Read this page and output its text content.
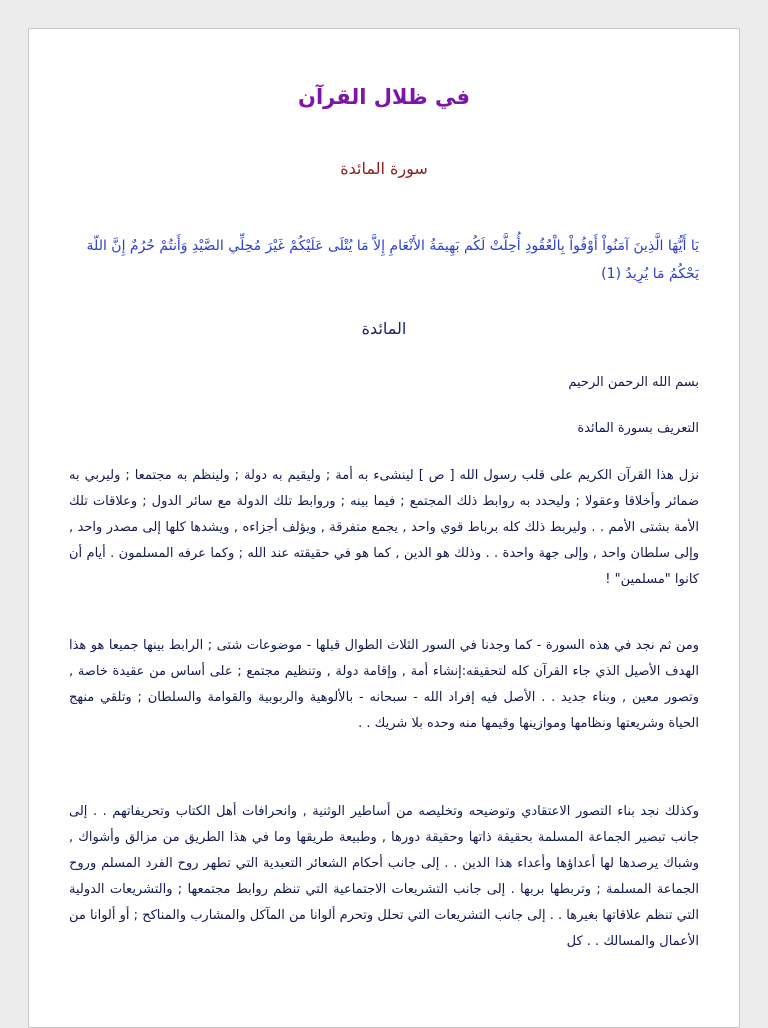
في ظلال القرآن
سورة المائدة
يَا أَيُّهَا الَّذِينَ آمَنُواْ أَوْفُواْ بِالْعُقُودِ أُحِلَّتْ لَكُم بَهِيمَةُ الأَنْعَامِ إِلاَّ مَا يُتْلَى عَلَيْكُمْ غَيْرَ مُحِلِّي الصَّيْدِ وَأَنتُمْ حُرُمٌ إِنَّ اللّهَ يَحْكُمُ مَا يُرِيدُ (1)
المائدة
بسم الله الرحمن الرحيم
التعريف بسورة المائدة
نزل هذا القرآن الكريم على قلب رسول الله [ ص ] لينشىء به أمة ; وليقيم به دولة ; ولينظم به مجتمعا ; وليربي به ضمائر وأخلاقا وعقولا ; وليحدد به روابط ذلك المجتمع ; فيما بينه ; وروابط تلك الدولة مع سائر الدول ; وعلاقات تلك الأمة بشتى الأمم . . وليربط ذلك كله برباط قوي واحد , يجمع متفرقة , ويؤلف أجزاءه , ويشدها كلها إلى مصدر واحد , وإلى سلطان واحد , وإلى جهة واحدة . . وذلك هو الدين , كما هو في حقيقته عند الله ; وكما عرفه المسلمون . أيام أن كانوا "مسلمين" !
ومن ثم نجد في هذه السورة - كما وجدنا في السور الثلاث الطوال قبلها - موضوعات شتى ; الرابط بينها جميعا هو هذا الهدف الأصيل الذي جاء القرآن كله لتحقيقه:إنشاء أمة , وإقامة دولة , وتنظيم مجتمع ; على أساس من عقيدة خاصة , وتصور معين , وبناء جديد . . الأصل فيه إفراد الله - سبحانه - بالألوهية والربوبية والقوامة والسلطان ; وتلقي منهج الحياة وشريعتها ونظامها وموازينها وقيمها منه وحده بلا شريك . .
وكذلك نجد بناء التصور الاعتقادي وتوضيحه وتخليصه من أساطير الوثنية , وانحرافات أهل الكتاب وتحريفاتهم . . إلى جانب تبصير الجماعة المسلمة بحقيقة ذاتها وحقيقة دورها , وطبيعة طريقها وما في هذا الطريق من مزالق وأشواك , وشباك يرصدها لها أعداؤها وأعداء هذا الدين . . إلى جانب أحكام الشعائر التعبدية التي تطهر روح الفرد المسلم وروح الجماعة المسلمة ; وتربطها بربها . إلى جانب التشريعات الاجتماعية التي تنظم روابط مجتمعها ; والتشريعات الدولية التي تنظم علاقاتها بغيرها . . إلى جانب التشريعات التي تحلل وتحرم ألوانا من المآكل والمشارب والمناكح ; أو ألوانا من الأعمال والمسالك . . كل
